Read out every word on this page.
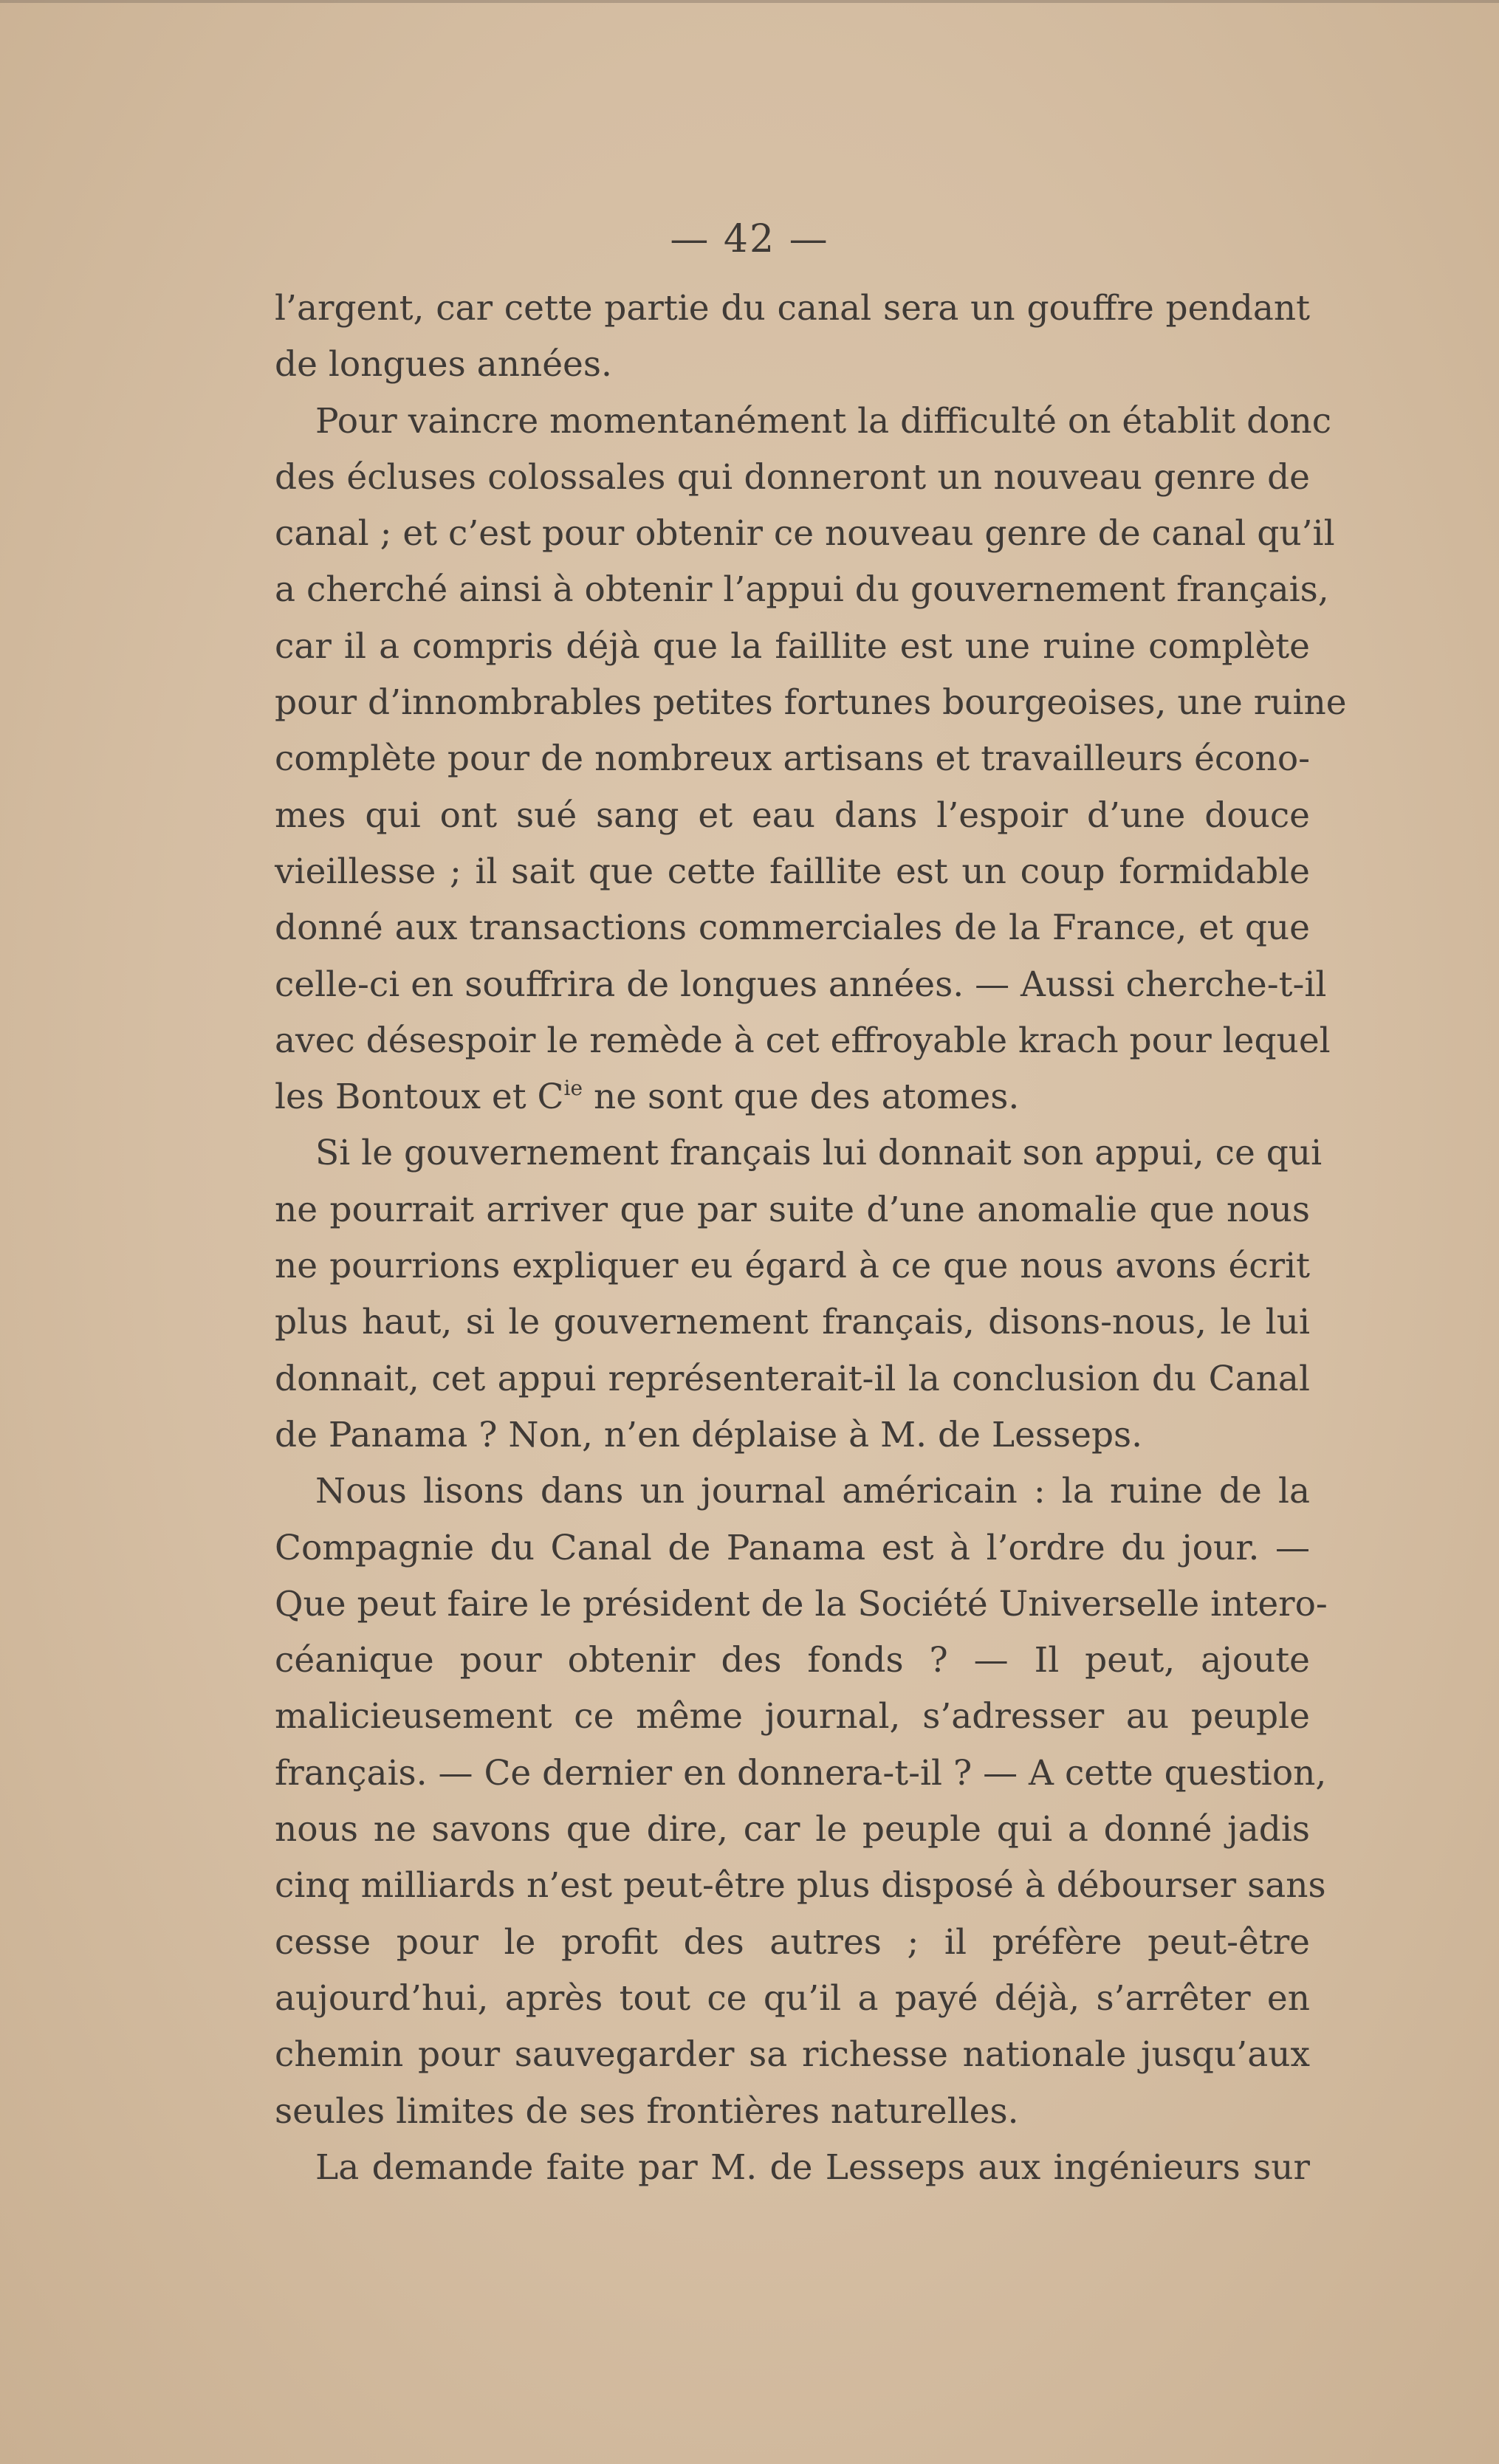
— 42 —
l’argent, car cette partie du canal sera un gouffre pendant
de longues années.
Pour vaincre momentanément la difficulté on établit donc
des écluses colossales qui donneront un nouveau genre de
canal ; et c’est pour obtenir ce nouveau genre de canal qu’il
a cherché ainsi à obtenir l’appui du gouvernement français,
car il a compris déjà que la faillite est une ruine complète
pour d’innombrables petites fortunes bourgeoises, une ruine
complète pour de nombreux artisans et travailleurs écono-
mes qui ont sué sang et eau dans l’espoir d’une douce
vieillesse ; il sait que cette faillite est un coup formidable
donné aux transactions commerciales de la France, et que
celle-ci en souffrira de longues années. — Aussi cherche-t-il
avec désespoir le remède à cet effroyable krach pour lequel
les Bontoux et $C^{ie}$ ne sont que des atomes.
Si le gouvernement français lui donnait son appui, ce qui
ne pourrait arriver que par suite d’une anomalie que nous
ne pourrions expliquer eu égard à ce que nous avons écrit
plus haut, si le gouvernement français, disons-nous, le lui
donnait, cet appui représenterait-il la conclusion du Canal
de Panama ? Non, n’en déplaise à M. de Lesseps.
Nous lisons dans un journal américain : la ruine de la
Compagnie du Canal de Panama est à l’ordre du jour. —
Que peut faire le président de la Société Universelle intero-
céanique pour obtenir des fonds ? — Il peut, ajoute
malicieusement ce même journal, s’adresser au peuple
français. — Ce dernier en donnera-t-il ? — A cette question,
nous ne savons que dire, car le peuple qui a donné jadis
cinq milliards n’est peut-être plus disposé à débourser sans
cesse pour le profit des autres ; il préfère peut-être
aujourd’hui, après tout ce qu’il a payé déjà, s’arrêter en
chemin pour sauvegarder sa richesse nationale jusqu’aux
seules limites de ses frontières naturelles.
La demande faite par M. de Lesseps aux ingénieurs sur
